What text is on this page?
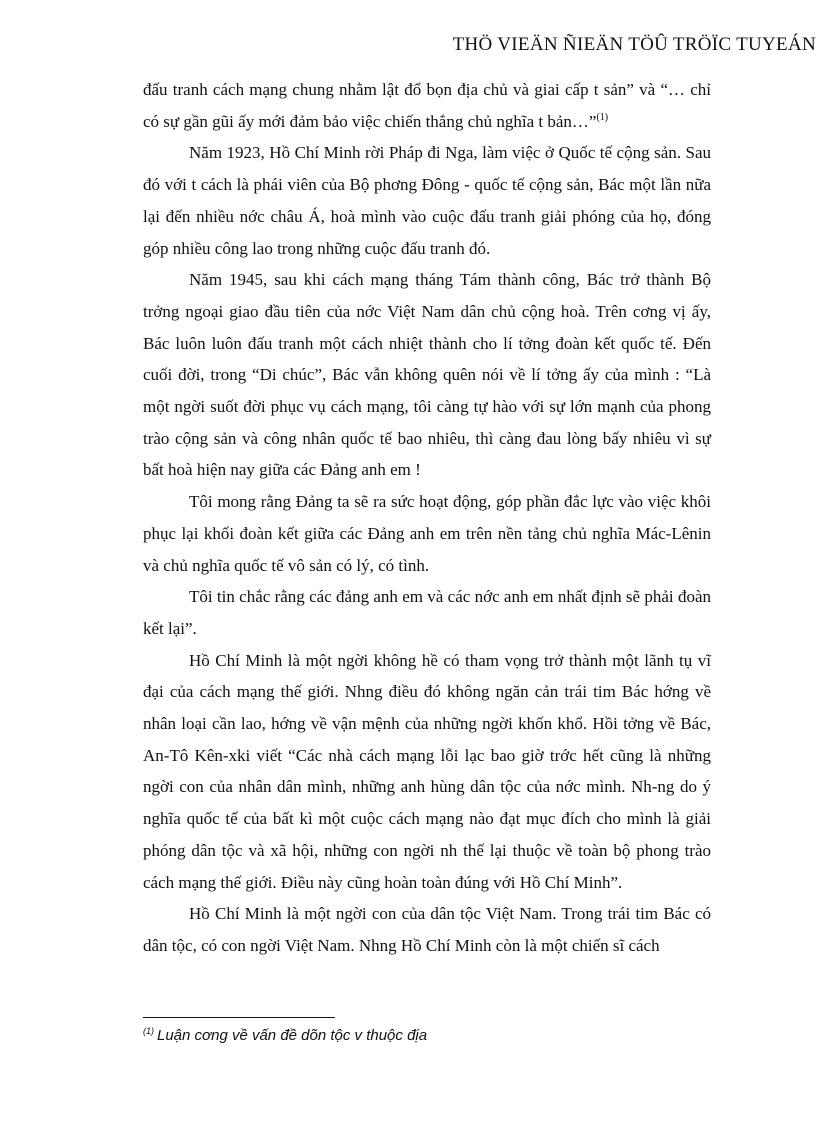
THÖ VIEÄN ÑIEÄN TÖÛ TRÖÏC TUYEÁN

đấu tranh cách mạng chung nhằm lật đổ bọn địa chủ và giai cấp t sản” và “… chỉ có sự gần gũi ấy mới đảm bảo việc chiến thắng chủ nghĩa t bản…”$^{(1)}$

Năm 1923, Hồ Chí Minh rời Pháp đi Nga, làm việc ở Quốc tế cộng sản. Sau đó với t cách là phái viên của Bộ phơng Đông - quốc tế cộng sản, Bác một lần nữa lại đến nhiều nớc châu Á, hoà mình vào cuộc đấu tranh giải phóng của họ, đóng góp nhiều công lao trong những cuộc đấu tranh đó.

Năm 1945, sau khi cách mạng tháng Tám thành công, Bác trở thành Bộ trởng ngoại giao đầu tiên của nớc Việt Nam dân chủ cộng hoà. Trên cơng vị ấy, Bác luôn luôn đấu tranh một cách nhiệt thành cho lí tởng đoàn kết quốc tế. Đến cuối đời, trong “Di chúc”, Bác vẫn không quên nói về lí tởng ấy của mình : “Là một ngời suốt đời phục vụ cách mạng, tôi càng tự hào với sự lớn mạnh của phong trào cộng sản và công nhân quốc tế bao nhiêu, thì càng đau lòng bấy nhiêu vì sự bất hoà hiện nay giữa các Đảng anh em !

Tôi mong rằng Đảng ta sẽ ra sức hoạt động, góp phần đắc lực vào việc khôi phục lại khối đoàn kết giữa các Đảng anh em trên nền tảng chủ nghĩa Mác-Lênin và chủ nghĩa quốc tế vô sản có lý, có tình.

Tôi tin chắc rằng các đảng anh em và các nớc anh em nhất định sẽ phải đoàn kết lại”.

Hồ Chí Minh là một ngời không hề có tham vọng trở thành một lãnh tụ vĩ đại của cách mạng thế giới. Nhng điều đó không ngăn cản trái tim Bác hớng về nhân loại cần lao, hớng về vận mệnh của những ngời khốn khổ. Hồi tởng về Bác, An-Tô Kên-xki viết “Các nhà cách mạng lỗi lạc bao giờ trớc hết cũng là những ngời con của nhân dân mình, những anh hùng dân tộc của nớc mình. Nh-ng do ý nghĩa quốc tế của bất kì một cuộc cách mạng nào đạt mục đích cho mình là giải phóng dân tộc và xã hội, những con ngời nh thế lại thuộc về toàn bộ phong trào cách mạng thế giới. Điều này cũng hoàn toàn đúng với Hồ Chí Minh”.

Hồ Chí Minh là một ngời con của dân tộc Việt Nam. Trong trái tim Bác có dân tộc, có con ngời Việt Nam. Nhng Hồ Chí Minh còn là một chiến sĩ cách

$^{(1)}$ Luận cơng về vấn đề dõn tộc v thuộc địa
